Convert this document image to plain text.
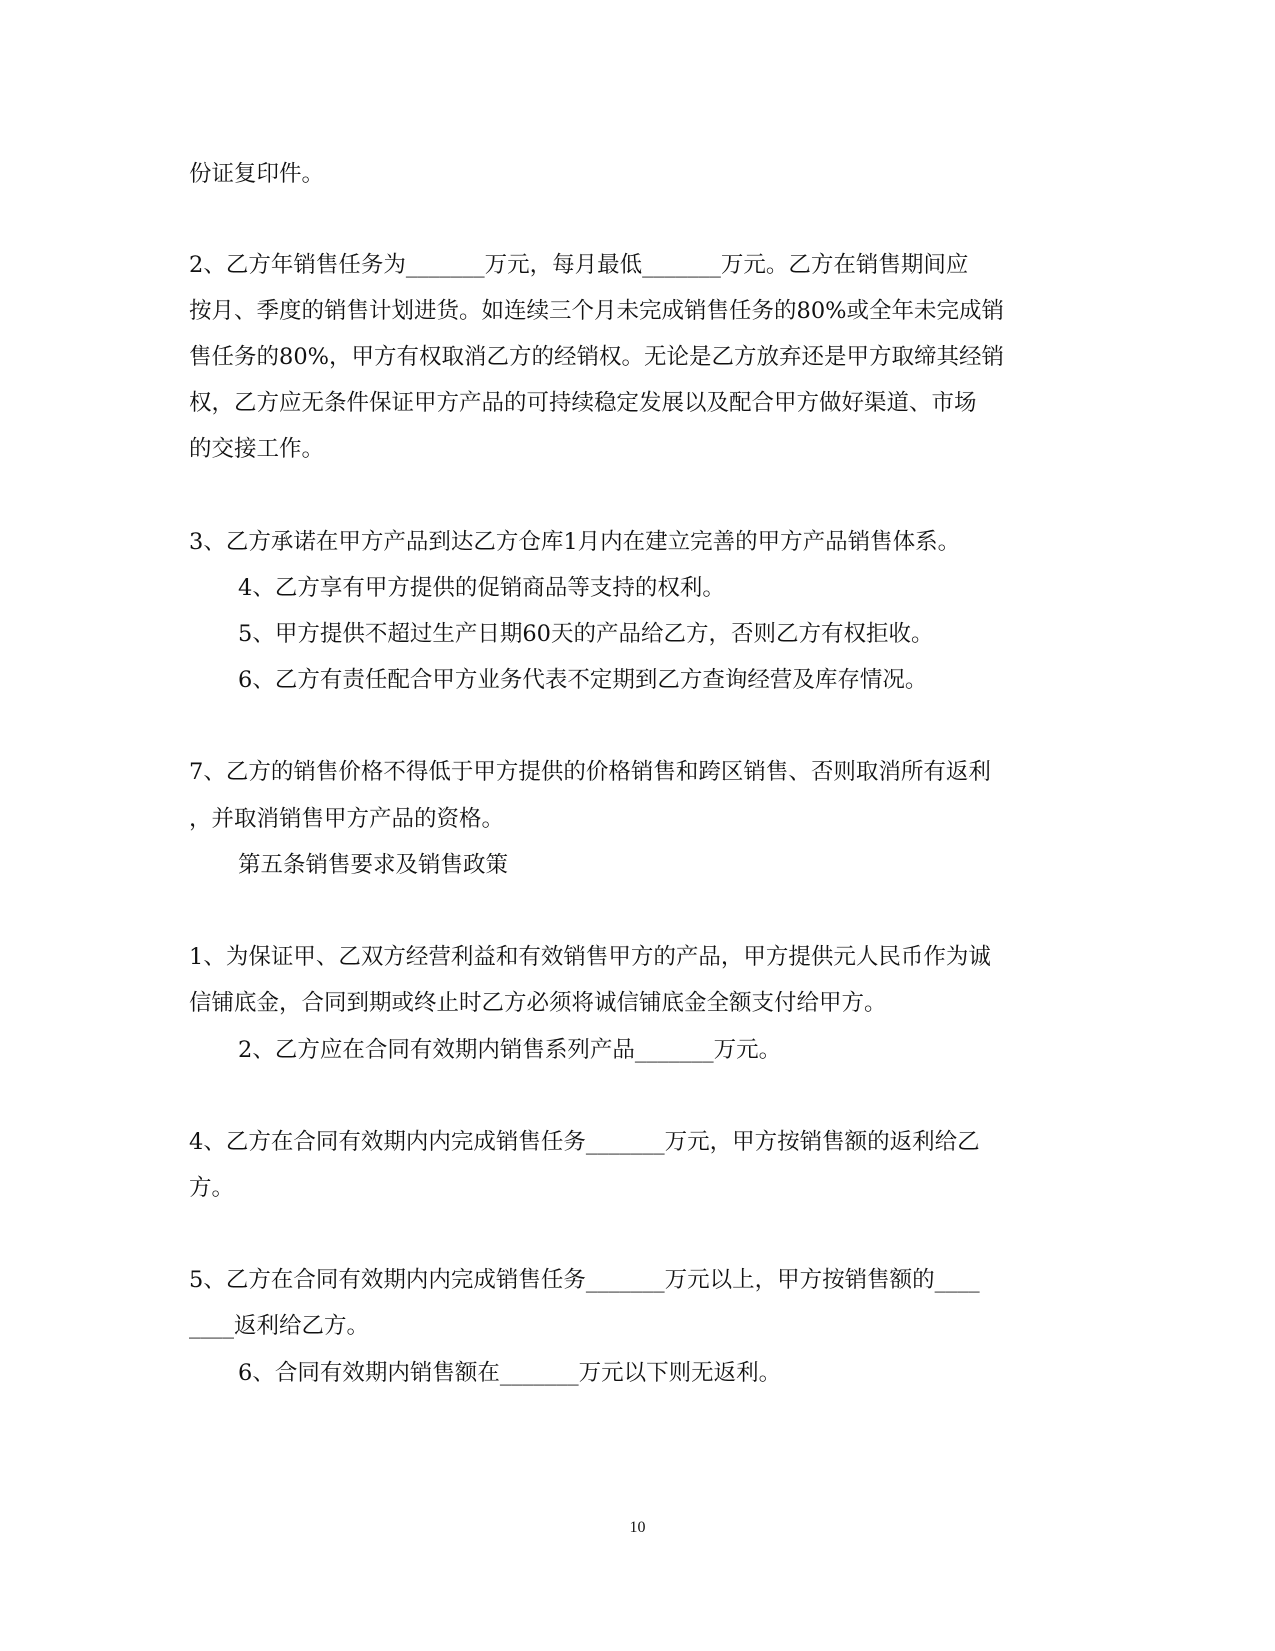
份证复印件。
2、乙方年销售任务为_______万元，每月最低_______万元。乙方在销售期间应
按月、季度的销售计划进货。如连续三个月未完成销售任务的80%或全年未完成销
售任务的80%，甲方有权取消乙方的经销权。无论是乙方放弃还是甲方取缔其经销
权，乙方应无条件保证甲方产品的可持续稳定发展以及配合甲方做好渠道、市场
的交接工作。
3、乙方承诺在甲方产品到达乙方仓库1月内在建立完善的甲方产品销售体系。
4、乙方享有甲方提供的促销商品等支持的权利。
5、甲方提供不超过生产日期60天的产品给乙方，否则乙方有权拒收。
6、乙方有责任配合甲方业务代表不定期到乙方查询经营及库存情况。
7、乙方的销售价格不得低于甲方提供的价格销售和跨区销售、否则取消所有返利
，并取消销售甲方产品的资格。
第五条销售要求及销售政策
1、为保证甲、乙双方经营利益和有效销售甲方的产品，甲方提供元人民币作为诚
信铺底金，合同到期或终止时乙方必须将诚信铺底金全额支付给甲方。
2、乙方应在合同有效期内销售系列产品_______万元。
4、乙方在合同有效期内内完成销售任务_______万元，甲方按销售额的返利给乙
方。
5、乙方在合同有效期内内完成销售任务_______万元以上，甲方按销售额的____
____返利给乙方。
6、合同有效期内销售额在_______万元以下则无返利。
10
